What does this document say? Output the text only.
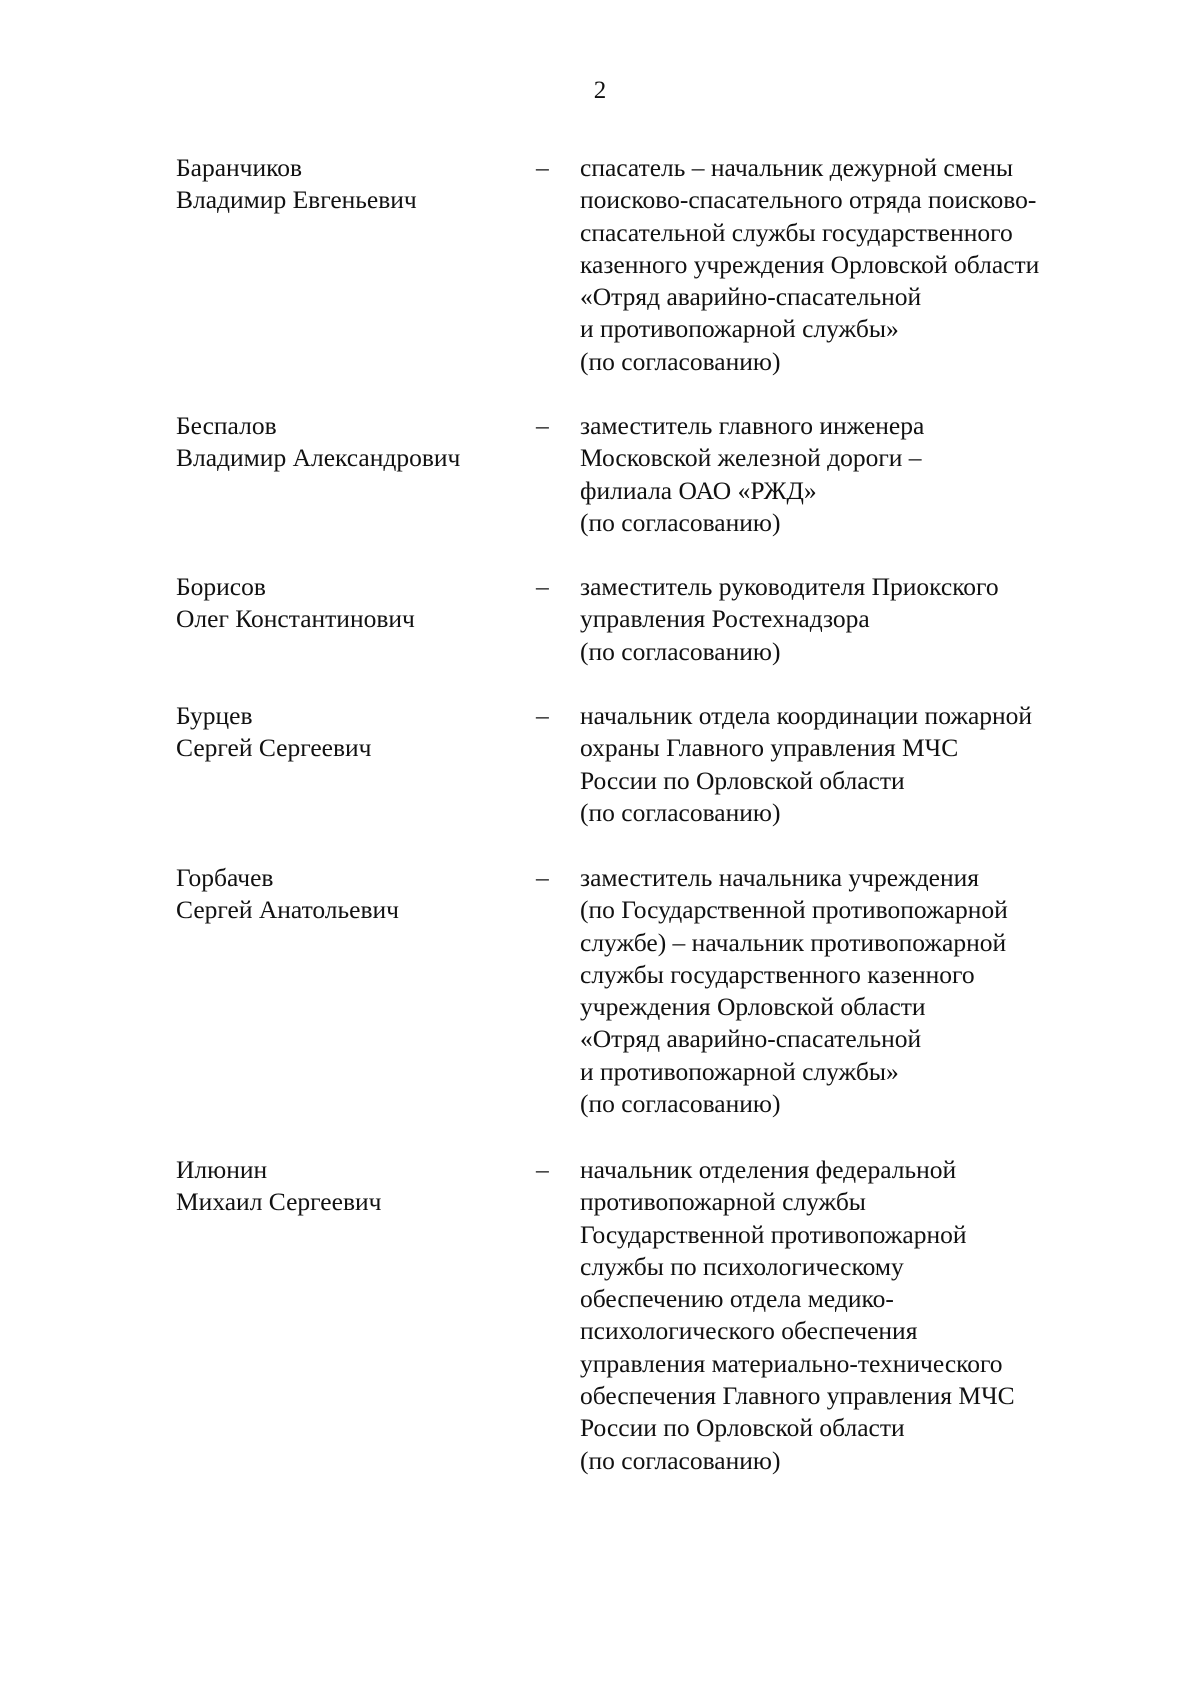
2
Баранчиков
Владимир Евгеньевич
– спасатель – начальник дежурной смены
поисково-спасательного отряда поисково-
спасательной службы государственного
казенного учреждения Орловской области
«Отряд аварийно-спасательной
и противопожарной службы»
(по согласованию)
Беспалов
Владимир Александрович
– заместитель главного инженера
Московской железной дороги –
филиала ОАО «РЖД»
(по согласованию)
Борисов
Олег Константинович
– заместитель руководителя Приокского
управления Ростехнадзора
(по согласованию)
Бурцев
Сергей Сергеевич
– начальник отдела координации пожарной
охраны Главного управления МЧС
России по Орловской области
(по согласованию)
Горбачев
Сергей Анатольевич
– заместитель начальника учреждения
(по Государственной противопожарной
службе) – начальник противопожарной
службы государственного казенного
учреждения Орловской области
«Отряд аварийно-спасательной
и противопожарной службы»
(по согласованию)
Илюнин
Михаил Сергеевич
– начальник отделения федеральной
противопожарной службы
Государственной противопожарной
службы по психологическому
обеспечению отдела медико-
психологического обеспечения
управления материально-технического
обеспечения Главного управления МЧС
России по Орловской области
(по согласованию)
